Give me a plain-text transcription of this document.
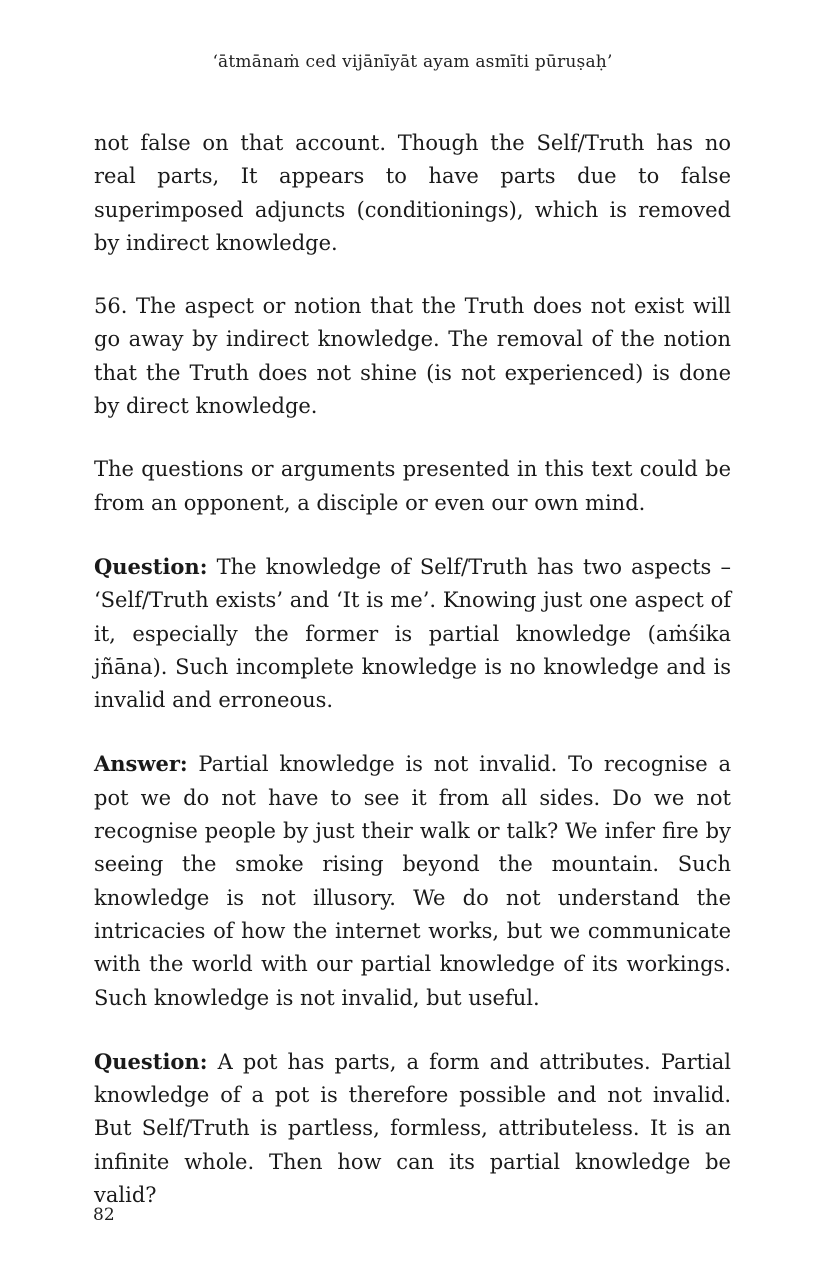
‘ātmānaṁ ced vijānīyāt ayam asmīti pūruṣaḥ’

not false on that account. Though the Self/Truth has no real parts, It appears to have parts due to false superimposed adjuncts (conditionings), which is removed by indirect knowledge.

56. The aspect or notion that the Truth does not exist will go away by indirect knowledge. The removal of the notion that the Truth does not shine (is not experienced) is done by direct knowledge.

The questions or arguments presented in this text could be from an opponent, a disciple or even our own mind.

Question: The knowledge of Self/Truth has two aspects – ‘Self/Truth exists’ and ‘It is me’. Knowing just one aspect of it, especially the former is partial knowledge (aṁśika jñāna). Such incomplete knowledge is no knowledge and is invalid and erroneous.

Answer: Partial knowledge is not invalid. To recognise a pot we do not have to see it from all sides. Do we not recognise people by just their walk or talk? We infer fire by seeing the smoke rising beyond the mountain. Such knowledge is not illusory. We do not understand the intricacies of how the internet works, but we communicate with the world with our partial knowledge of its workings. Such knowledge is not invalid, but useful.

Question: A pot has parts, a form and attributes. Partial knowledge of a pot is therefore possible and not invalid. But Self/Truth is partless, formless, attributeless. It is an infinite whole. Then how can its partial knowledge be valid?

82
